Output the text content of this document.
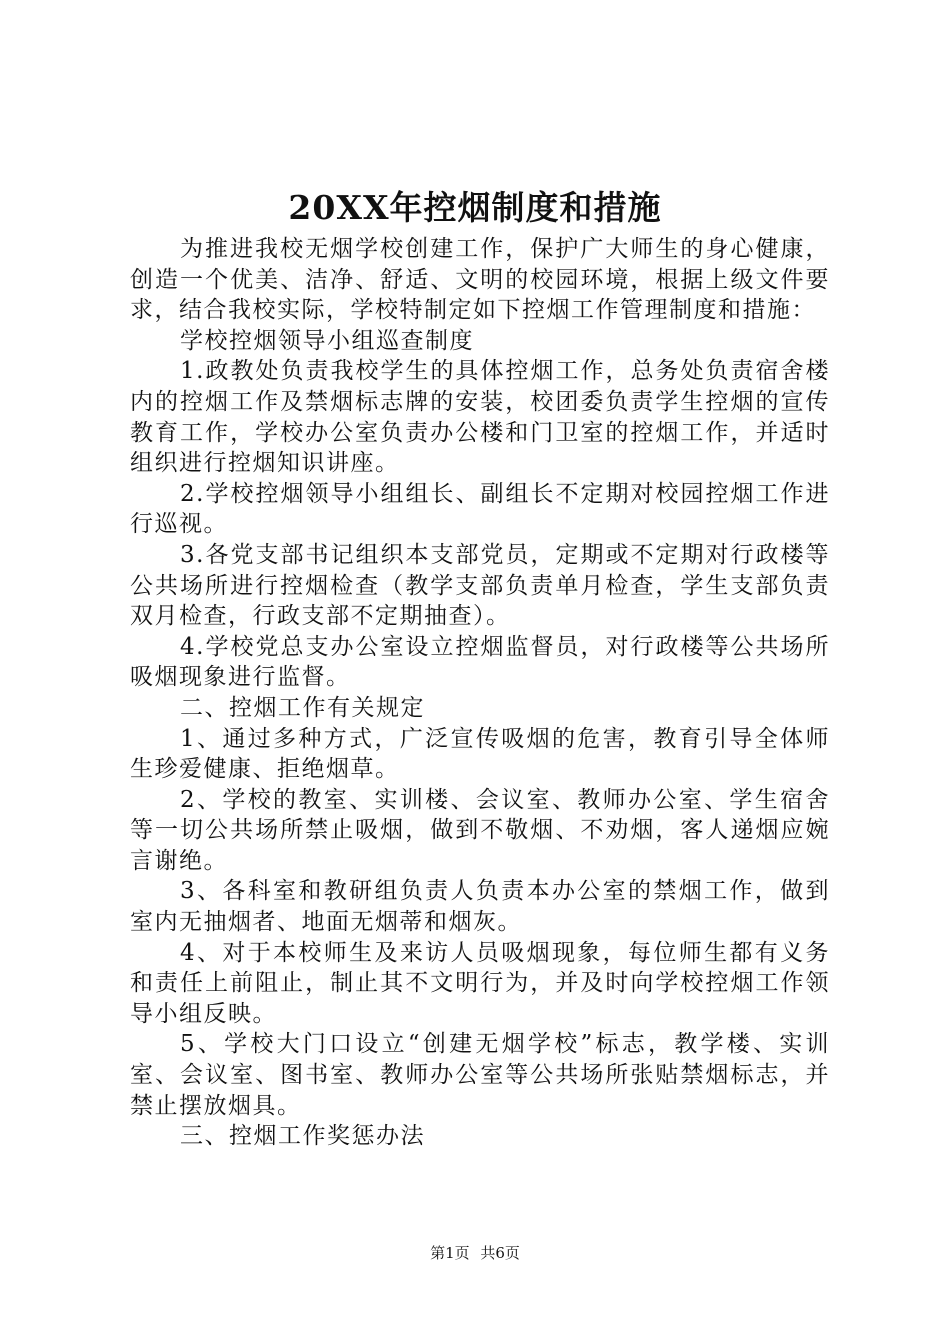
20XX年控烟制度和措施

为推进我校无烟学校创建工作，保护广大师生的身心健康，创造一个优美、洁净、舒适、文明的校园环境，根据上级文件要求，结合我校实际，学校特制定如下控烟工作管理制度和措施：

学校控烟领导小组巡查制度

1.政教处负责我校学生的具体控烟工作，总务处负责宿舍楼内的控烟工作及禁烟标志牌的安装，校团委负责学生控烟的宣传教育工作，学校办公室负责办公楼和门卫室的控烟工作，并适时组织进行控烟知识讲座。

2.学校控烟领导小组组长、副组长不定期对校园控烟工作进行巡视。

3.各党支部书记组织本支部党员，定期或不定期对行政楼等公共场所进行控烟检查（教学支部负责单月检查，学生支部负责双月检查，行政支部不定期抽查）。

4.学校党总支办公室设立控烟监督员，对行政楼等公共场所吸烟现象进行监督。

二、控烟工作有关规定

1、通过多种方式，广泛宣传吸烟的危害，教育引导全体师生珍爱健康、拒绝烟草。

2、学校的教室、实训楼、会议室、教师办公室、学生宿舍等一切公共场所禁止吸烟，做到不敬烟、不劝烟，客人递烟应婉言谢绝。

3、各科室和教研组负责人负责本办公室的禁烟工作，做到室内无抽烟者、地面无烟蒂和烟灰。

4、对于本校师生及来访人员吸烟现象，每位师生都有义务和责任上前阻止，制止其不文明行为，并及时向学校控烟工作领导小组反映。

5、学校大门口设立“创建无烟学校”标志，教学楼、实训室、会议室、图书室、教师办公室等公共场所张贴禁烟标志，并禁止摆放烟具。

三、控烟工作奖惩办法

第1页 共6页
